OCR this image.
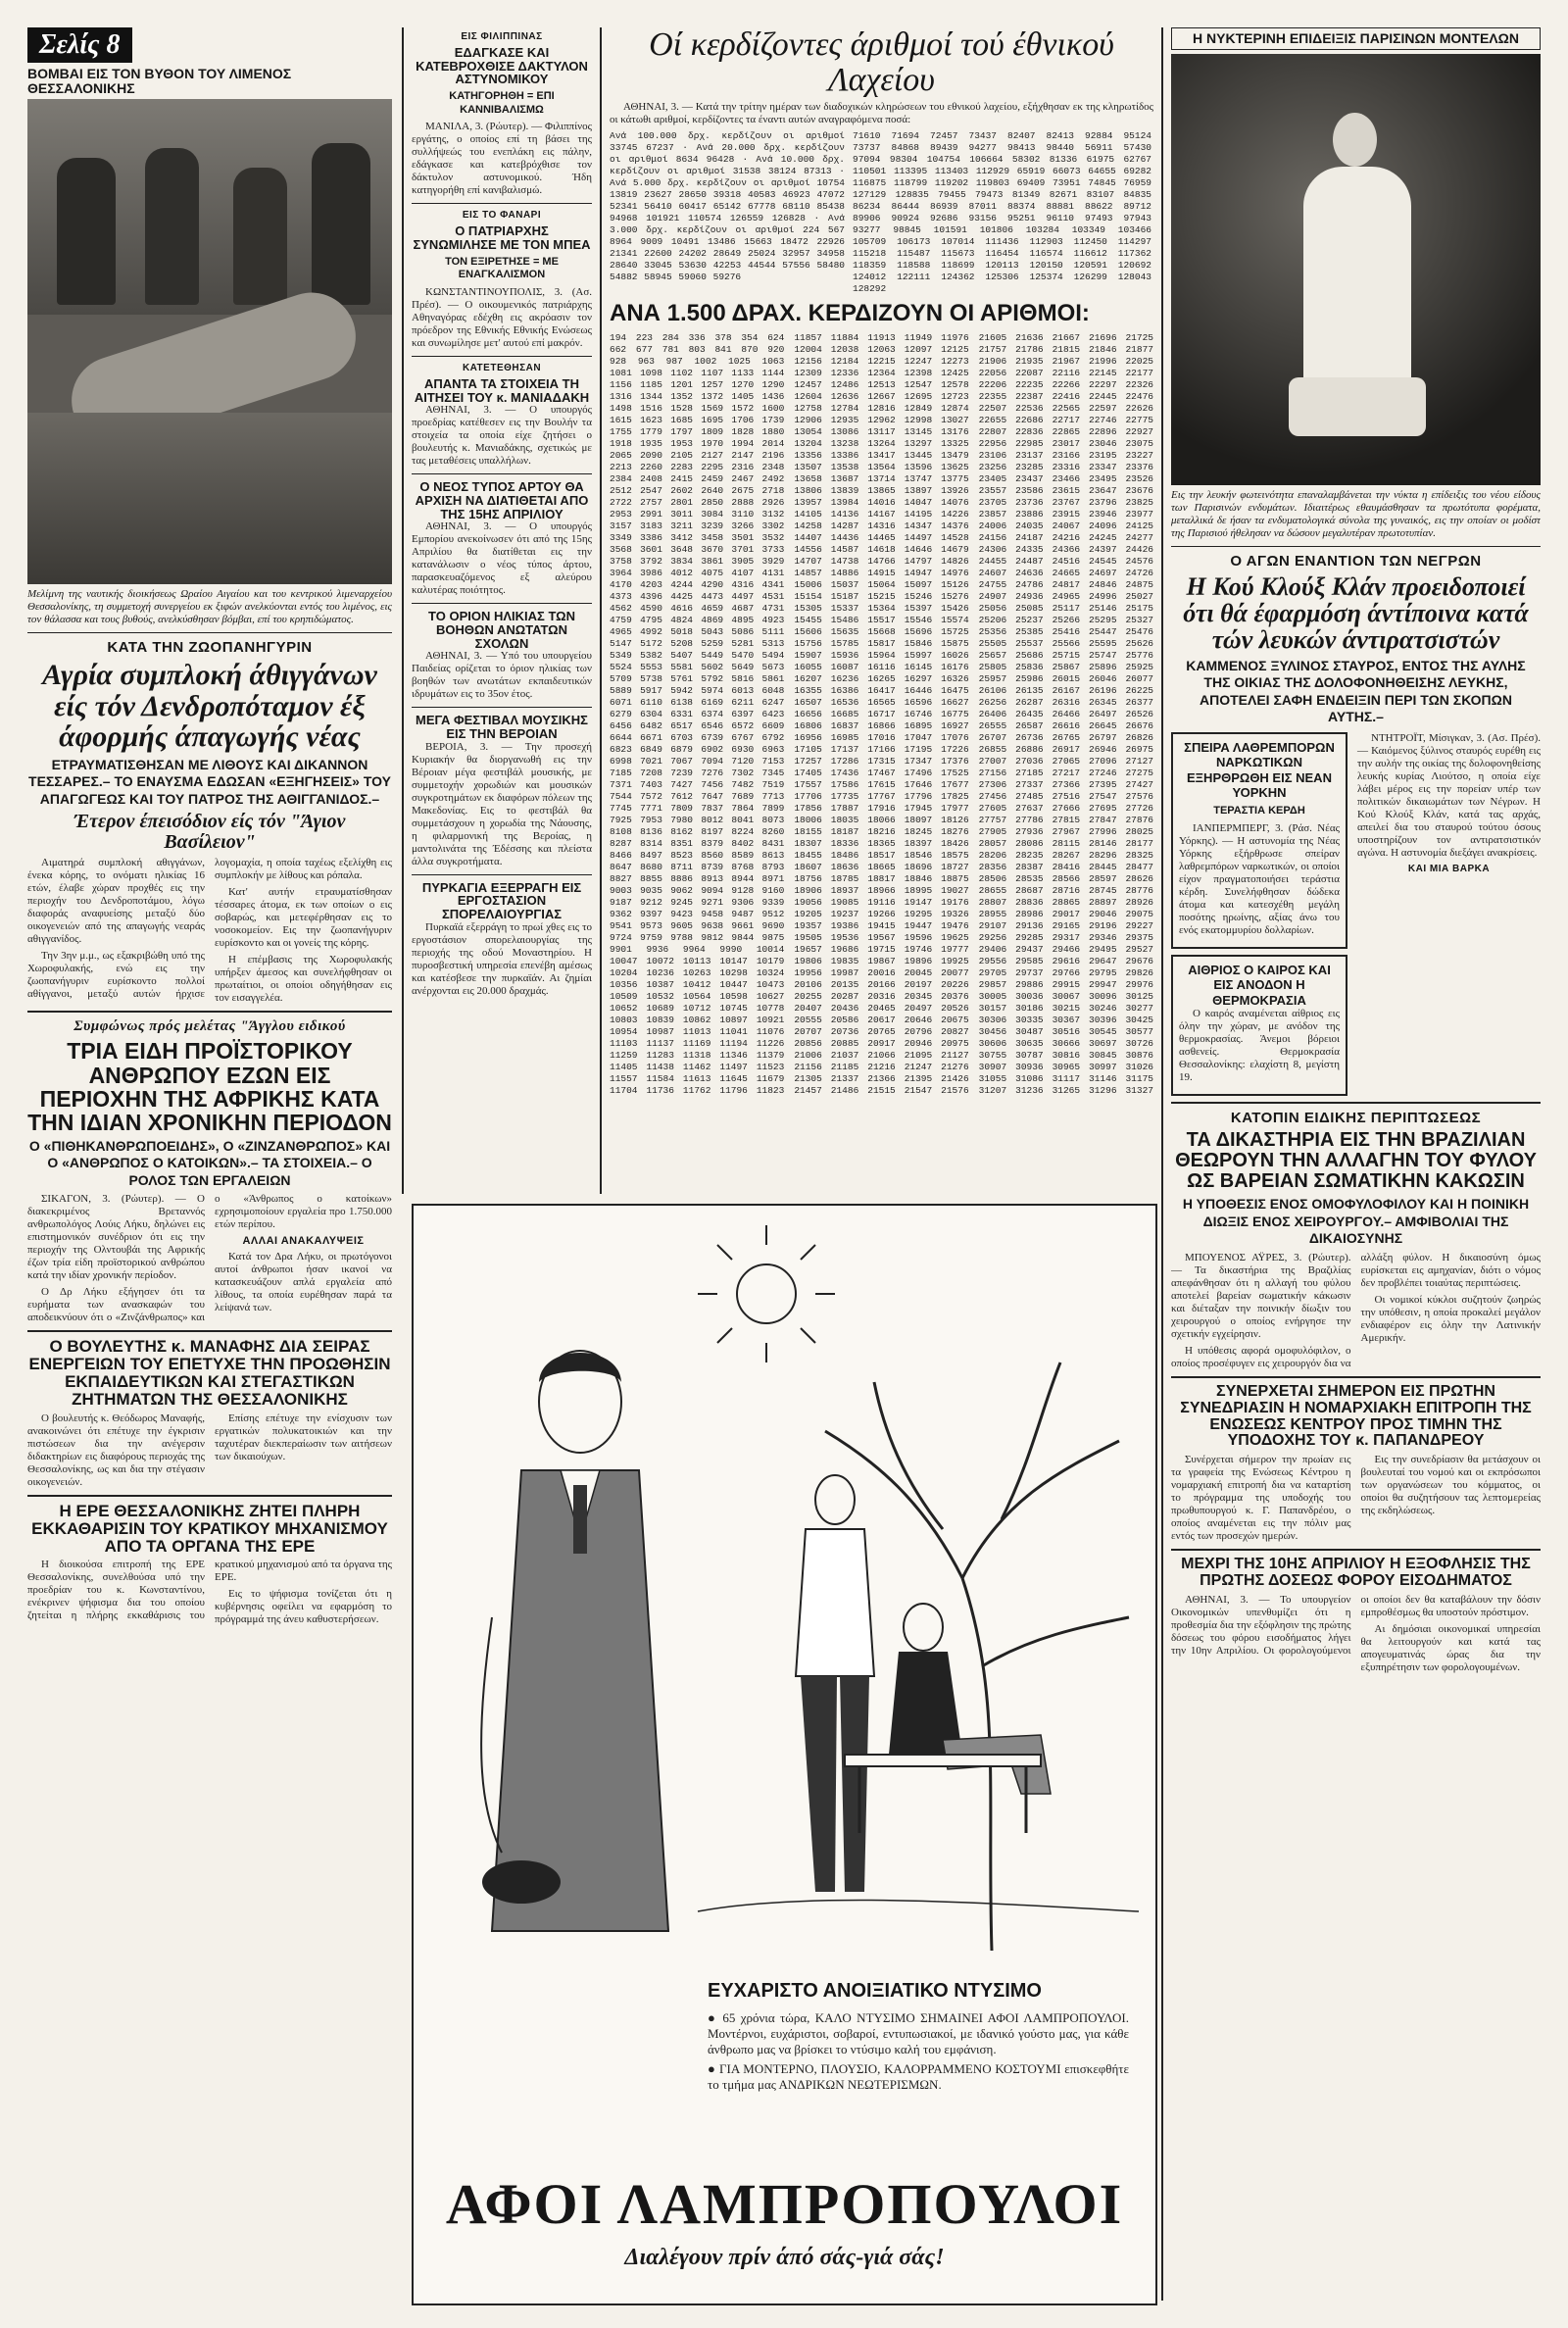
Σελίς 8
ΒΟΜΒΑΙ ΕΙΣ ΤΟΝ ΒΥΘΟΝ ΤΟΥ ΛΙΜΕΝΟΣ ΘΕΣΣΑΛΟΝΙΚΗΣ
Μελίμνη της ναυτικής διοικήσεως Ωραίου Αιγαίου και του κεντρικού λιμεναρχείου Θεσσαλονίκης, τη συμμετοχή συνεργείου εκ ξιφών ανελκύονται εντός του λιμένος, εις τον θάλασσα και τους βυθούς, ανελκύσθησαν βόμβαι, επί του κρηπιδώματος.
ΚΑΤΑ ΤΗΝ ΖΩΟΠΑΝΗΓΥΡΙΝ
Αγρία συμπλοκή άθιγγάνων είς τόν Δενδροπόταμον έξ άφορμής άπαγωγής νέας
ΕΤΡΑΥΜΑΤΙΣΘΗΣΑΝ ΜΕ ΛΙΘΟΥΣ ΚΑΙ ΔΙΚΑΝΝΟΝ ΤΕΣΣΑΡΕΣ.– ΤΟ ΕΝΑΥΣΜΑ ΕΔΩΣΑΝ «ΕΞΗΓΗΣΕΙΣ» ΤΟΥ ΑΠΑΓΩΓΕΩΣ ΚΑΙ ΤΟΥ ΠΑΤΡΟΣ ΤΗΣ ΑΘΙΓΓΑΝΙΔΟΣ.–
Έτερον έπεισόδιον είς τόν "Άγιον Βασίλειον"

Αιματηρά συμπλοκή αθιγγάνων, ένεκα κόρης, το ονόματι ηλικίας 16 ετών, έλαβε χώραν προχθές εις την περιοχήν του Δενδροποτάμου, λόγω διαφοράς αναφυείσης μεταξύ δύο οικογενειών από της απαγωγής νεαράς αθιγγανίδος.

Την 3ην μ.μ., ως εξακριβώθη υπό της Χωροφυλακής, ενώ εις την ζωοπανήγυριν ευρίσκοντο πολλοί αθίγγανοι, μεταξύ αυτών ήρχισε λογομαχία, η οποία ταχέως εξελίχθη εις συμπλοκήν με λίθους και ρόπαλα.

Κατ' αυτήν ετραυματίσθησαν τέσσαρες άτομα, εκ των οποίων ο εις σοβαρώς, και μετεφέρθησαν εις το νοσοκομείον. Εις την ζωοπανήγυριν ευρίσκοντο και οι γονείς της κόρης.

Η επέμβασις της Χωροφυλακής υπήρξεν άμεσος και συνελήφθησαν οι πρωταίτιοι, οι οποίοι οδηγήθησαν εις τον εισαγγελέα.

Συμφώνως πρός μελέτας "Άγγλου ειδικού
ΤΡΙΑ ΕΙΔΗ ΠΡΟΪΣΤΟΡΙΚΟΥ ΑΝΘΡΩΠΟΥ ΕΖΩΝ ΕΙΣ ΠΕΡΙΟΧΗΝ ΤΗΣ ΑΦΡΙΚΗΣ ΚΑΤΑ ΤΗΝ ΙΔΙΑΝ ΧΡΟΝΙΚΗΝ ΠΕΡΙΟΔΟΝ
Ο «ΠΙΘΗΚΑΝΘΡΩΠΟΕΙΔΗΣ», Ο «ΖΙΝΖΑΝΘΡΩΠΟΣ» ΚΑΙ Ο «ΑΝΘΡΩΠΟΣ Ο ΚΑΤΟΙΚΩΝ».– ΤΑ ΣΤΟΙΧΕΙΑ.– Ο ΡΟΛΟΣ ΤΩΝ ΕΡΓΑΛΕΙΩΝ

ΣΙΚΑΓΟΝ, 3. (Ρώυτερ). — Ο διακεκριμένος Βρεταννός ανθρωπολόγος Λούις Λήκυ, δηλώνει εις επιστημονικόν συνέδριον ότι εις την περιοχήν της Ολντουβάι της Αφρικής έζων τρία είδη προϊστορικού ανθρώπου κατά την ιδίαν χρονικήν περίοδον.

Ο Δρ Λήκυ εξήγησεν ότι τα ευρήματα των ανασκαφών του αποδεικνύουν ότι ο «Ζινζάνθρωπος» και ο «Άνθρωπος ο κατοίκων» εχρησιμοποίουν εργαλεία προ 1.750.000 ετών περίπου.

ΑΛΛΑΙ ΑΝΑΚΑΛΥΨΕΙΣ

Κατά τον Δρα Λήκυ, οι πρωτόγονοι αυτοί άνθρωποι ήσαν ικανοί να κατασκευάζουν απλά εργαλεία από λίθους, τα οποία ευρέθησαν παρά τα λείψανά των.

Ο ΒΟΥΛΕΥΤΗΣ κ. ΜΑΝΑΦΗΣ ΔΙΑ ΣΕΙΡΑΣ ΕΝΕΡΓΕΙΩΝ ΤΟΥ ΕΠΕΤΥΧΕ ΤΗΝ ΠΡΟΩΘΗΣΙΝ ΕΚΠΑΙΔΕΥΤΙΚΩΝ ΚΑΙ ΣΤΕΓΑΣΤΙΚΩΝ ΖΗΤΗΜΑΤΩΝ ΤΗΣ ΘΕΣΣΑΛΟΝΙΚΗΣ

Ο βουλευτής κ. Θεόδωρος Μαναφής, ανακοινώνει ότι επέτυχε την έγκρισιν πιστώσεων δια την ανέγερσιν διδακτηρίων εις διαφόρους περιοχάς της Θεσσαλονίκης, ως και δια την στέγασιν οικογενειών.

Επίσης επέτυχε την ενίσχυσιν των εργατικών πολυκατοικιών και την ταχυτέραν διεκπεραίωσιν των αιτήσεων των δικαιούχων.

Η ΕΡΕ ΘΕΣΣΑΛΟΝΙΚΗΣ ΖΗΤΕΙ ΠΛΗΡΗ ΕΚΚΑΘΑΡΙΣΙΝ ΤΟΥ ΚΡΑΤΙΚΟΥ ΜΗΧΑΝΙΣΜΟΥ ΑΠΟ ΤΑ ΟΡΓΑΝΑ ΤΗΣ ΕΡΕ

Η διοικούσα επιτροπή της ΕΡΕ Θεσσαλονίκης, συνελθούσα υπό την προεδρίαν του κ. Κωνσταντίνου, ενέκρινεν ψήφισμα δια του οποίου ζητείται η πλήρης εκκαθάρισις του κρατικού μηχανισμού από τα όργανα της ΕΡΕ.

Εις το ψήφισμα τονίζεται ότι η κυβέρνησις οφείλει να εφαρμόση το πρόγραμμά της άνευ καθυστερήσεων.

ΕΙΣ ΦΙΛΙΠΠΙΝΑΣ
ΕΔΑΓΚΑΣΕ ΚΑΙ ΚΑΤΕΒΡΟΧΘΙΣΕ ΔΑΚΤΥΛΟΝ ΑΣΤΥΝΟΜΙΚΟΥ
ΚΑΤΗΓΟΡΗΘΗ = ΕΠΙ ΚΑΝΝΙΒΑΛΙΣΜΩ

ΜΑΝΙΛΑ, 3. (Ρώυτερ). — Φιλιππίνος εργάτης, ο οποίος επί τη βάσει της συλλήψεώς του ενεπλάκη εις πάλην, εδάγκασε και κατεβρόχθισε τον δάκτυλον αστυνομικού. Ήδη κατηγορήθη επί κανιβαλισμώ.

ΕΙΣ ΤΟ ΦΑΝΑΡΙ
Ο ΠΑΤΡΙΑΡΧΗΣ ΣΥΝΩΜΙΛΗΣΕ ΜΕ ΤΟΝ ΜΠΕΑ
ΤΟΝ ΕΞΙΡΕΤΗΣΕ = ΜΕ ΕΝΑΓΚΑΛΙΣΜΟΝ

ΚΩΝΣΤΑΝΤΙΝΟΥΠΟΛΙΣ, 3. (Ασ. Πρέσ). — Ο οικουμενικός πατριάρχης Αθηναγόρας εδέχθη εις ακρόασιν τον πρόεδρον της Εθνικής Εθνικής Ενώσεως και συνωμίλησε μετ' αυτού επί μακρόν.

ΚΑΤΕΤΕΘΗΣΑΝ
ΑΠΑΝΤΑ ΤΑ ΣΤΟΙΧΕΙΑ ΤΗ ΑΙΤΗΣΕΙ ΤΟΥ κ. ΜΑΝΙΑΔΑΚΗ

ΑΘΗΝΑΙ, 3. — Ο υπουργός προεδρίας κατέθεσεν εις την Βουλήν τα στοιχεία τα οποία είχε ζητήσει ο βουλευτής κ. Μανιαδάκης, σχετικώς με τας μεταθέσεις υπαλλήλων.

Ο ΝΕΟΣ ΤΥΠΟΣ ΑΡΤΟΥ ΘΑ ΑΡΧΙΣΗ ΝΑ ΔΙΑΤΙΘΕΤΑΙ ΑΠΟ ΤΗΣ 15ΗΣ ΑΠΡΙΛΙΟΥ

ΑΘΗΝΑΙ, 3. — Ο υπουργός Εμπορίου ανεκοίνωσεν ότι από της 15ης Απριλίου θα διατίθεται εις την κατανάλωσιν ο νέος τύπος άρτου, παρασκευαζόμενος εξ αλεύρου καλυτέρας ποιότητος.

ΤΟ ΟΡΙΟΝ ΗΛΙΚΙΑΣ ΤΩΝ ΒΟΗΘΩΝ ΑΝΩΤΑΤΩΝ ΣΧΟΛΩΝ

ΑΘΗΝΑΙ, 3. — Υπό του υπουργείου Παιδείας ορίζεται το όριον ηλικίας των βοηθών των ανωτάτων εκπαιδευτικών ιδρυμάτων εις το 35ον έτος.

ΜΕΓΑ ΦΕΣΤΙΒΑΛ ΜΟΥΣΙΚΗΣ ΕΙΣ ΤΗΝ ΒΕΡΟΙΑΝ

ΒΕΡΟΙΑ, 3. — Την προσεχή Κυριακήν θα διοργανωθή εις την Βέροιαν μέγα φεστιβάλ μουσικής, με συμμετοχήν χορωδιών και μουσικών συγκροτημάτων εκ διαφόρων πόλεων της Μακεδονίας. Εις το φεστιβάλ θα συμμετάσχουν η χορωδία της Νάουσης, η φιλαρμονική της Βεροίας, η μαντολινάτα της Έδέσσης και πλείστα άλλα συγκροτήματα.

ΠΥΡΚΑΓΙΑ ΕΞΕΡΡΑΓΗ ΕΙΣ ΕΡΓΟΣΤΑΣΙΟΝ ΣΠΟΡΕΛΑΙΟΥΡΓΙΑΣ

Πυρκαϊά εξερράγη το πρωί χθες εις το εργοστάσιον σπορελαιουργίας της περιοχής της οδού Μοναστηρίου. Η πυροσβεστική υπηρεσία επενέβη αμέσως και κατέσβεσε την πυρκαϊάν. Αι ζημίαι ανέρχονται εις 20.000 δραχμάς.

Οί κερδίζοντες άριθμοί τού έθνικού Λαχείου

ΑΘΗΝΑΙ, 3. — Κατά την τρίτην ημέραν των διαδοχικών κληρώσεων του εθνικού λαχείου, εξήχθησαν εκ της κληρωτίδος οι κάτωθι αριθμοί, κερδίζοντες τα έναντι αυτών αναγραφόμενα ποσά:

Ανά 100.000 δρχ. κερδίζουν οι αριθμοί 33745 67237 · Ανά 20.000 δρχ. κερδίζουν οι αριθμοί 8634 96428 · Ανά 10.000 δρχ. κερδίζουν οι αριθμοί 31538 38124 87313 · Ανά 5.000 δρχ. κερδίζουν οι αριθμοί 10754 13819 23627 28650 39318 40583 46923 47072 52341 56410 60417 65142 67778 68110 85438 94968 101921 110574 126559 126828 · Ανά 3.000 δρχ. κερδίζουν οι αριθμοί 224 567 8964 9009 10491 13486 15663 18472 22926 21341 22600 24202 28649 25024 32957 34958 28640 33045 53630 42253 44544 57556 58480 54882 58945 59060 59276
71610 71694 72457 73437 82407 82413 92884 95124 73737 84868 89439 94277 98413 98440 56911 57430 97094 98304 104754 106664 58302 81336 61975 62767 110501 113395 113403 112929 65919 66073 64655 69282 116875 118799 119202 119803 69409 73951 74845 76959 127129 128835 79455 79473 81349 82671 83107 84835 86234 86444 86939 87011 88374 88881 88622 89712 89906 90924 92686 93156 95251 96110 97493 97943 93277 98845 101591 101806 103284 103349 103466 105709 106173 107014 111436 112903 112450 114297 115218 115487 115673 116454 116574 116612 117362 118359 118588 118699 120113 120150 120591 120692 124012 122111 124362 125306 125374 126299 128043 128292
ΑΝΑ 1.500 ΔΡΑΧ. ΚΕΡΔΙΖΟΥΝ ΟΙ ΑΡΙΘΜΟΙ:
194 223 284 336 378 354 624 662 677 781 803 841 870 920 928 963 987 1002 1025 1063 1081 1098 1102 1107 1133 1144 1156 1185 1201 1257 1270 1290 1316 1344 1352 1372 1405 1436 1498 1516 1528 1569 1572 1600 1615 1623 1685 1695 1706 1739 1755 1779 1797 1809 1828 1880 1918 1935 1953 1970 1994 2014 2065 2090 2105 2127 2147 2196 2213 2260 2283 2295 2316 2348 2384 2408 2415 2459 2467 2492 2512 2547 2602 2640 2675 2718 2722 2757 2801 2850 2888 2926 2953 2991 3011 3084 3110 3132 3157 3183 3211 3239 3266 3302 3349 3386 3412 3458 3501 3532 3568 3601 3648 3670 3701 3733 3758 3792 3834 3861 3905 3929 3964 3986 4012 4075 4107 4131 4170 4203 4244 4290 4316 4341 4373 4396 4425 4473 4497 4531 4562 4590 4616 4659 4687 4731 4759 4795 4824 4869 4895 4923 4965 4992 5018 5043 5086 5111 5147 5172 5208 5259 5281 5313 5349 5382 5407 5449 5470 5494 5524 5553 5581 5602 5649 5673 5709 5738 5761 5792 5816 5861 5889 5917 5942 5974 6013 6048 6071 6110 6138 6169 6211 6247 6279 6304 6331 6374 6397 6423 6456 6482 6517 6546 6572 6609 6644 6671 6703 6739 6767 6792 6823 6849 6879 6902 6930 6963 6998 7021 7067 7094 7120 7153 7185 7208 7239 7276 7302 7345 7371 7403 7427 7456 7482 7519 7544 7572 7612 7647 7689 7713 7745 7771 7809 7837 7864 7899 7925 7953 7980 8012 8041 8073 8108 8136 8162 8197 8224 8260 8287 8314 8351 8379 8402 8431 8466 8497 8523 8560 8589 8613 8647 8680 8711 8739 8768 8793 8827 8855 8886 8913 8944 8971 9003 9035 9062 9094 9128 9160 9187 9212 9245 9271 9306 9339 9362 9397 9423 9458 9487 9512 9541 9573 9605 9638 9661 9690 9724 9759 9788 9812 9844 9875 9901 9936 9964 9990 10014 10047 10072 10113 10147 10179 10204 10236 10263 10298 10324 10356 10387 10412 10447 10473 10509 10532 10564 10598 10627 10652 10689 10712 10745 10778 10803 10839 10862 10897 10921 10954 10987 11013 11041 11076 11103 11137 11169 11194 11226 11259 11283 11318 11346 11379 11405 11438 11462 11497 11523 11557 11584 11613 11645 11679 11704 11736 11762 11796 11823 11857 11884 11913 11949 11976 12004 12038 12063 12097 12125 12156 12184 12215 12247 12273 12309 12336 12364 12398 12425 12457 12486 12513 12547 12578 12604 12636 12667 12695 12723 12758 12784 12816 12849 12874 12906 12935 12962 12998 13027 13054 13086 13117 13145 13176 13204 13238 13264 13297 13325 13356 13386 13417 13445 13479 13507 13538 13564 13596 13625 13658 13687 13714 13747 13775 13806 13839 13865 13897 13926 13957 13984 14016 14047 14076 14105 14136 14167 14195 14226 14258 14287 14316 14347 14376 14407 14436 14465 14497 14528 14556 14587 14618 14646 14679 14707 14738 14766 14797 14826 14857 14886 14915 14947 14976 15006 15037 15064 15097 15126 15154 15187 15215 15246 15276 15305 15337 15364 15397 15426 15455 15486 15517 15546 15574 15606 15635 15668 15696 15725 15756 15785 15817 15846 15875 15907 15936 15964 15997 16026 16055 16087 16116 16145 16176 16207 16236 16265 16297 16326 16355 16386 16417 16446 16475 16507 16536 16565 16596 16627 16656 16685 16717 16746 16775 16806 16837 16866 16895 16927 16956 16985 17016 17047 17076 17105 17137 17166 17195 17226 17257 17286 17315 17347 17376 17405 17436 17467 17496 17525 17557 17586 17615 17646 17677 17706 17735 17767 17796 17825 17856 17887 17916 17945 17977 18006 18035 18066 18097 18126 18155 18187 18216 18245 18276 18307 18336 18365 18397 18426 18455 18486 18517 18546 18575 18607 18636 18665 18696 18727 18756 18785 18817 18846 18875 18906 18937 18966 18995 19027 19056 19085 19116 19147 19176 19205 19237 19266 19295 19326 19357 19386 19415 19447 19476 19505 19536 19567 19596 19625 19657 19686 19715 19746 19777 19806 19835 19867 19896 19925 19956 19987 20016 20045 20077 20106 20135 20166 20197 20226 20255 20287 20316 20345 20376 20407 20436 20465 20497 20526 20555 20586 20617 20646 20675 20707 20736 20765 20796 20827 20856 20885 20917 20946 20975 21006 21037 21066 21095 21127 21156 21185 21216 21247 21276 21305 21337 21366 21395 21426 21457 21486 21515 21547 21576 21605 21636 21667 21696 21725 21757 21786 21815 21846 21877 21906 21935 21967 21996 22025 22056 22087 22116 22145 22177 22206 22235 22266 22297 22326 22355 22387 22416 22445 22476 22507 22536 22565 22597 22626 22655 22686 22717 22746 22775 22807 22836 22865 22896 22927 22956 22985 23017 23046 23075 23106 23137 23166 23195 23227 23256 23285 23316 23347 23376 23405 23437 23466 23495 23526 23557 23586 23615 23647 23676 23705 23736 23767 23796 23825 23857 23886 23915 23946 23977 24006 24035 24067 24096 24125 24156 24187 24216 24245 24277 24306 24335 24366 24397 24426 24455 24487 24516 24545 24576 24607 24636 24665 24697 24726 24755 24786 24817 24846 24875 24907 24936 24965 24996 25027 25056 25085 25117 25146 25175 25206 25237 25266 25295 25327 25356 25385 25416 25447 25476 25505 25537 25566 25595 25626 25657 25686 25715 25747 25776 25805 25836 25867 25896 25925 25957 25986 26015 26046 26077 26106 26135 26167 26196 26225 26256 26287 26316 26345 26377 26406 26435 26466 26497 26526 26555 26587 26616 26645 26676 26707 26736 26765 26797 26826 26855 26886 26917 26946 26975 27007 27036 27065 27096 27127 27156 27185 27217 27246 27275 27306 27337 27366 27395 27427 27456 27485 27516 27547 27576 27605 27637 27666 27695 27726 27757 27786 27815 27847 27876 27905 27936 27967 27996 28025 28057 28086 28115 28146 28177 28206 28235 28267 28296 28325 28356 28387 28416 28445 28477 28506 28535 28566 28597 28626 28655 28687 28716 28745 28776 28807 28836 28865 28897 28926 28955 28986 29017 29046 29075 29107 29136 29165 29196 29227 29256 29285 29317 29346 29375 29406 29437 29466 29495 29527 29556 29585 29616 29647 29676 29705 29737 29766 29795 29826 29857 29886 29915 29947 29976 30005 30036 30067 30096 30125 30157 30186 30215 30246 30277 30306 30335 30367 30396 30425 30456 30487 30516 30545 30577 30606 30635 30666 30697 30726 30755 30787 30816 30845 30876 30907 30936 30965 30997 31026 31055 31086 31117 31146 31175 31207 31236 31265 31296 31327
Η ΝΥΚΤΕΡΙΝΗ ΕΠΙΔΕΙΞΙΣ ΠΑΡΙΣΙΝΩΝ ΜΟΝΤΕΛΩΝ
Εις την λευκήν φωτεινότητα επαναλαμβάνεται την νύκτα η επίδειξις του νέου είδους των Παρισινών ενδυμάτων. Ιδιαιτέρως εθαυμάσθησαν τα πρωτότυπα φορέματα, μεταλλικά δε ήσαν τα ενδυματολογικά σύνολα της γυναικός, εις την οποίαν οι μοδίστ της Παρισιού ήθελησαν να δώσουν μεγαλυτέραν πρωτοτυπίαν.
Ο ΑΓΩΝ ΕΝΑΝΤΙΟΝ ΤΩΝ ΝΕΓΡΩΝ
Η Κού Κλούξ Κλάν προειδοποιεί ότι θά έφαρμόση άντίποινα κατά τών λευκών άντιρατσιστών
ΚΑΜΜΕΝΟΣ ΞΥΛΙΝΟΣ ΣΤΑΥΡΟΣ, ΕΝΤΟΣ ΤΗΣ ΑΥΛΗΣ ΤΗΣ ΟΙΚΙΑΣ ΤΗΣ ΔΟΛΟΦΟΝΗΘΕΙΣΗΣ ΛΕΥΚΗΣ, ΑΠΟΤΕΛΕΙ ΣΑΦΗ ΕΝΔΕΙΞΙΝ ΠΕΡΙ ΤΩΝ ΣΚΟΠΩΝ ΑΥΤΗΣ.–
ΣΠΕΙΡΑ ΛΑΘΡΕΜΠΟΡΩΝ ΝΑΡΚΩΤΙΚΩΝ ΕΞΗΡΘΡΩΘΗ ΕΙΣ ΝΕΑΝ ΥΟΡΚΗΝ
ΤΕΡΑΣΤΙΑ ΚΕΡΔΗ

ΙΑΝΠΕΡΜΠΕΡΓ, 3. (Ράσ. Νέας Υόρκης). — Η αστυνομία της Νέας Υόρκης εξήρθρωσε σπείραν λαθρεμπόρων ναρκωτικών, οι οποίοι είχον πραγματοποιήσει τεράστια κέρδη. Συνελήφθησαν δώδεκα άτομα και κατεσχέθη μεγάλη ποσότης ηρωίνης, αξίας άνω του ενός εκατομμυρίου δολλαρίων.

ΑΙΘΡΙΟΣ Ο ΚΑΙΡΟΣ ΚΑΙ ΕΙΣ ΑΝΟΔΟΝ Η ΘΕΡΜΟΚΡΑΣΙΑ

Ο καιρός αναμένεται αίθριος εις όλην την χώραν, με ανόδον της θερμοκρασίας. Άνεμοι βόρειοι ασθενείς. Θερμοκρασία Θεσσαλονίκης: ελαχίστη 8, μεγίστη 19.

ΝΤΗΤΡΟΪΤ, Μίσιγκαν, 3. (Ασ. Πρέσ). — Καιόμενος ξύλινος σταυρός ευρέθη εις την αυλήν της οικίας της δολοφονηθείσης λευκής κυρίας Λιούτσο, η οποία είχε λάβει μέρος εις την πορείαν υπέρ των πολιτικών δικαιωμάτων των Νέγρων. Η Κού Κλούξ Κλάν, κατά τας αρχάς, απειλεί δια του σταυρού τούτου όσους υποστηρίζουν τον αντιρατσιστικόν αγώνα. Η αστυνομία διεξάγει ανακρίσεις.

ΚΑΙ ΜΙΑ ΒΑΡΚΑ
ΚΑΤΟΠΙΝ ΕΙΔΙΚΗΣ ΠΕΡΙΠΤΩΣΕΩΣ
ΤΑ ΔΙΚΑΣΤΗΡΙΑ ΕΙΣ ΤΗΝ ΒΡΑΖΙΛΙΑΝ ΘΕΩΡΟΥΝ ΤΗΝ ΑΛΛΑΓΗΝ ΤΟΥ ΦΥΛΟΥ ΩΣ ΒΑΡΕΙΑΝ ΣΩΜΑΤΙΚΗΝ ΚΑΚΩΣΙΝ
Η ΥΠΟΘΕΣΙΣ ΕΝΟΣ ΟΜΟΦΥΛΟΦΙΛΟΥ ΚΑΙ Η ΠΟΙΝΙΚΗ ΔΙΩΞΙΣ ΕΝΟΣ ΧΕΙΡΟΥΡΓΟΥ.– ΑΜΦΙΒΟΛΙΑΙ ΤΗΣ ΔΙΚΑΙΟΣΥΝΗΣ

ΜΠΟΥΕΝΟΣ ΑΫΡΕΣ, 3. (Ρώυτερ). — Τα δικαστήρια της Βραζιλίας απεφάνθησαν ότι η αλλαγή του φύλου αποτελεί βαρείαν σωματικήν κάκωσιν και διέταξαν την ποινικήν δίωξιν του χειρουργού ο οποίος ενήργησε την σχετικήν εγχείρησιν.

Η υπόθεσις αφορά ομοφυλόφιλον, ο οποίος προσέφυγεν εις χειρουργόν δια να αλλάξη φύλον. Η δικαιοσύνη όμως ευρίσκεται εις αμηχανίαν, διότι ο νόμος δεν προβλέπει τοιαύτας περιπτώσεις.

Οι νομικοί κύκλοι συζητούν ζωηρώς την υπόθεσιν, η οποία προκαλεί μεγάλον ενδιαφέρον εις όλην την Λατινικήν Αμερικήν.

ΣΥΝΕΡΧΕΤΑΙ ΣΗΜΕΡΟΝ ΕΙΣ ΠΡΩΤΗΝ ΣΥΝΕΔΡΙΑΣΙΝ Η ΝΟΜΑΡΧΙΑΚΗ ΕΠΙΤΡΟΠΗ ΤΗΣ ΕΝΩΣΕΩΣ ΚΕΝΤΡΟΥ ΠΡΟΣ ΤΙΜΗΝ ΤΗΣ ΥΠΟΔΟΧΗΣ ΤΟΥ κ. ΠΑΠΑΝΔΡΕΟΥ

Συνέρχεται σήμερον την πρωίαν εις τα γραφεία της Ενώσεως Κέντρου η νομαρχιακή επιτροπή δια να καταρτίση το πρόγραμμα της υποδοχής του πρωθυπουργού κ. Γ. Παπανδρέου, ο οποίος αναμένεται εις την πόλιν μας εντός των προσεχών ημερών.

Εις την συνεδρίασιν θα μετάσχουν οι βουλευταί του νομού και οι εκπρόσωποι των οργανώσεων του κόμματος, οι οποίοι θα συζητήσουν τας λεπτομερείας της εκδηλώσεως.

ΜΕΧΡΙ ΤΗΣ 10ΗΣ ΑΠΡΙΛΙΟΥ Η ΕΞΟΦΛΗΣΙΣ ΤΗΣ ΠΡΩΤΗΣ ΔΟΣΕΩΣ ΦΟΡΟΥ ΕΙΣΟΔΗΜΑΤΟΣ

ΑΘΗΝΑΙ, 3. — Το υπουργείον Οικονομικών υπενθυμίζει ότι η προθεσμία δια την εξόφλησιν της πρώτης δόσεως του φόρου εισοδήματος λήγει την 10ην Απριλίου. Οι φορολογούμενοι οι οποίοι δεν θα καταβάλουν την δόσιν εμπροθέσμως θα υποστούν πρόστιμον.

Αι δημόσιαι οικονομικαί υπηρεσίαι θα λειτουργούν και κατά τας απογευματινάς ώρας δια την εξυπηρέτησιν των φορολογουμένων.

ΕΥΧΑΡΙΣΤΟ ΑΝΟΙΞΙΑΤΙΚΟ ΝΤΥΣΙΜΟ

● 65 χρόνια τώρα, ΚΑΛΟ ΝΤΥΣΙΜΟ ΣΗΜΑΙΝΕΙ ΑΦΟΙ ΛΑΜΠΡΟΠΟΥΛΟΙ. Μοντέρνοι, ευχάριστοι, σοβαροί, εντυπωσιακοί, με ιδανικό γούστο μας, για κάθε άνθρωπο μας να βρίσκει το ντύσιμο καλή του εμφάνιση.

● ΓΙΑ ΜΟΝΤΕΡΝΟ, ΠΛΟΥΣΙΟ, ΚΑΛΟΡΡΑΜΜΕΝΟ ΚΟΣΤΟΥΜΙ επισκεφθήτε το τμήμα μας ΑΝΔΡΙΚΩΝ ΝΕΩΤΕΡΙΣΜΩΝ.

ΑΦΟΙ ΛΑΜΠΡΟΠΟΥΛΟΙ
Διαλέγουν πρίν άπό σάς-γιά σάς!
